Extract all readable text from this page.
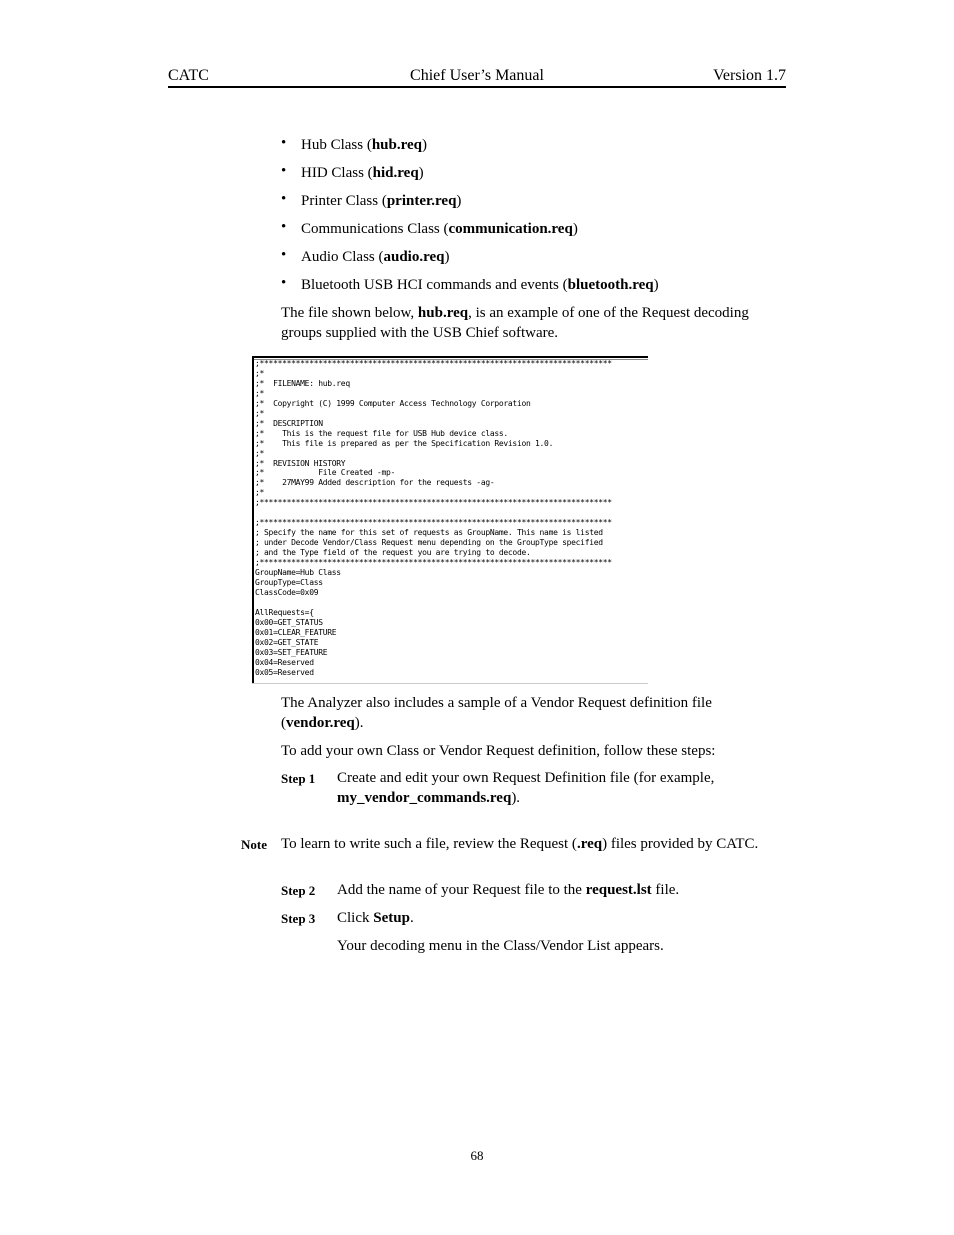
CATC	Chief User’s Manual	Version 1.7
• Hub Class (hub.req)
• HID Class (hid.req)
• Printer Class (printer.req)
• Communications Class (communication.req)
• Audio Class (audio.req)
• Bluetooth USB HCI commands and events (bluetooth.req)
The file shown below, hub.req, is an example of one of the Request decoding
groups supplied with the USB Chief software.
;******************************************************************************
;*
;*  FILENAME: hub.req
;*
;*  Copyright (C) 1999 Computer Access Technology Corporation
;*
;*  DESCRIPTION
;*    This is the request file for USB Hub device class.
;*    This file is prepared as per the Specification Revision 1.0.
;*
;*  REVISION HISTORY
;*            File Created -mp-
;*    27MAY99 Added description for the requests -ag-
;*
;******************************************************************************

;******************************************************************************
; Specify the name for this set of requests as GroupName. This name is listed
; under Decode Vendor/Class Request menu depending on the GroupType specified
; and the Type field of the request you are trying to decode.
;******************************************************************************
GroupName=Hub Class
GroupType=Class
ClassCode=0x09

AllRequests={
0x00=GET_STATUS
0x01=CLEAR_FEATURE
0x02=GET_STATE
0x03=SET_FEATURE
0x04=Reserved
0x05=Reserved
The Analyzer also includes a sample of a Vendor Request definition file
(vendor.req).
To add your own Class or Vendor Request definition, follow these steps:
Step 1 Create and edit your own Request Definition file (for example,
my_vendor_commands.req).
Note To learn to write such a file, review the Request (.req) files provided by CATC.
Step 2 Add the name of your Request file to the request.lst file.
Step 3 Click Setup.
Your decoding menu in the Class/Vendor List appears.
68
